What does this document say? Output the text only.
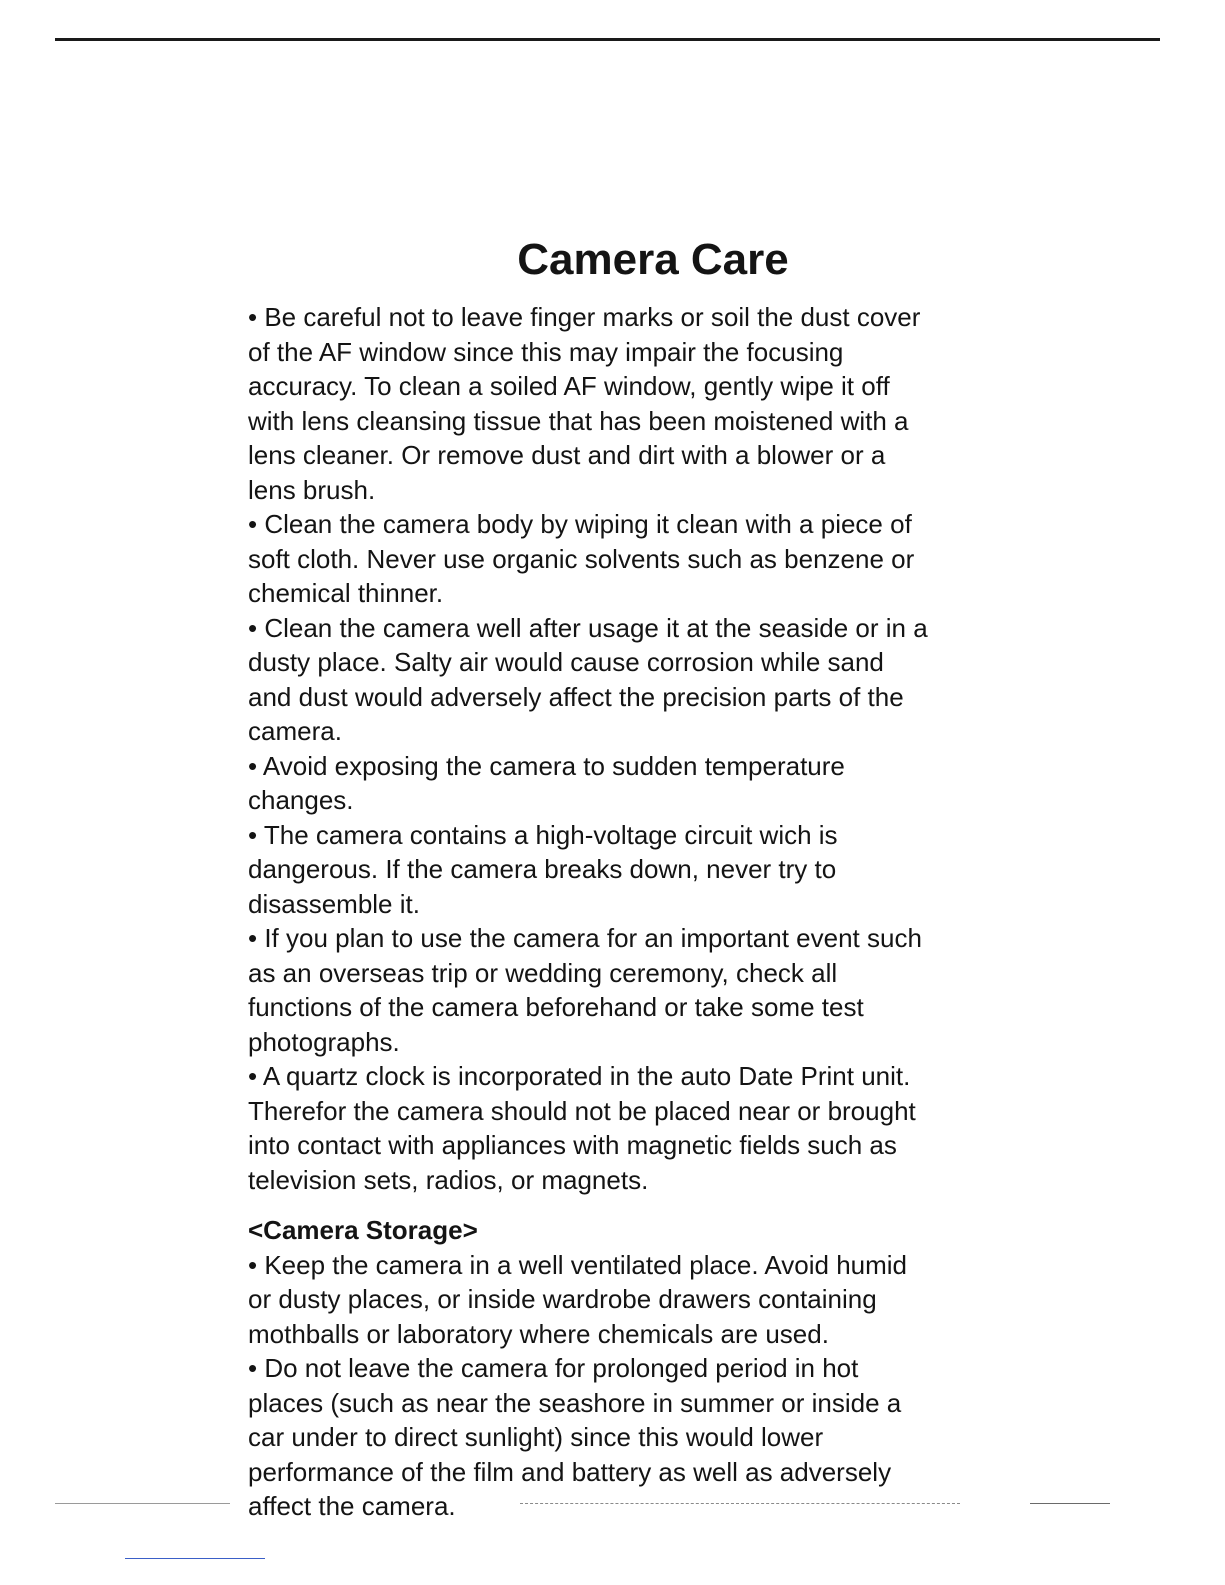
Camera Care

• Be careful not to leave finger marks or soil the dust cover
of the AF window since this may impair the focusing
accuracy. To clean a soiled AF window, gently wipe it off
with lens cleansing tissue that has been moistened with a
lens cleaner. Or remove dust and dirt with a blower or a
lens brush.

• Clean the camera body by wiping it clean with a piece of
soft cloth. Never use organic solvents such as benzene or
chemical thinner.

• Clean the camera well after usage it at the seaside or in a
dusty place. Salty air would cause corrosion while sand
and dust would adversely affect the precision parts of the
camera.

• Avoid exposing the camera to sudden temperature
changes.

• The camera contains a high-voltage circuit wich is
dangerous. If the camera breaks down, never try to
disassemble it.

• If you plan to use the camera for an important event such
as an overseas trip or wedding ceremony, check all
functions of the camera beforehand or take some test
photographs.

• A quartz clock is incorporated in the auto Date Print unit.
Therefor the camera should not be placed near or brought
into contact with appliances with magnetic fields such as
television sets, radios, or magnets.

<Camera Storage>

• Keep the camera in a well ventilated place. Avoid humid
or dusty places, or inside wardrobe drawers containing
mothballs or laboratory where chemicals are used.

• Do not leave the camera for prolonged period in hot
places (such as near the seashore in summer or inside a
car under to direct sunlight) since this would lower
performance of the film and battery as well as adversely
affect the camera.
